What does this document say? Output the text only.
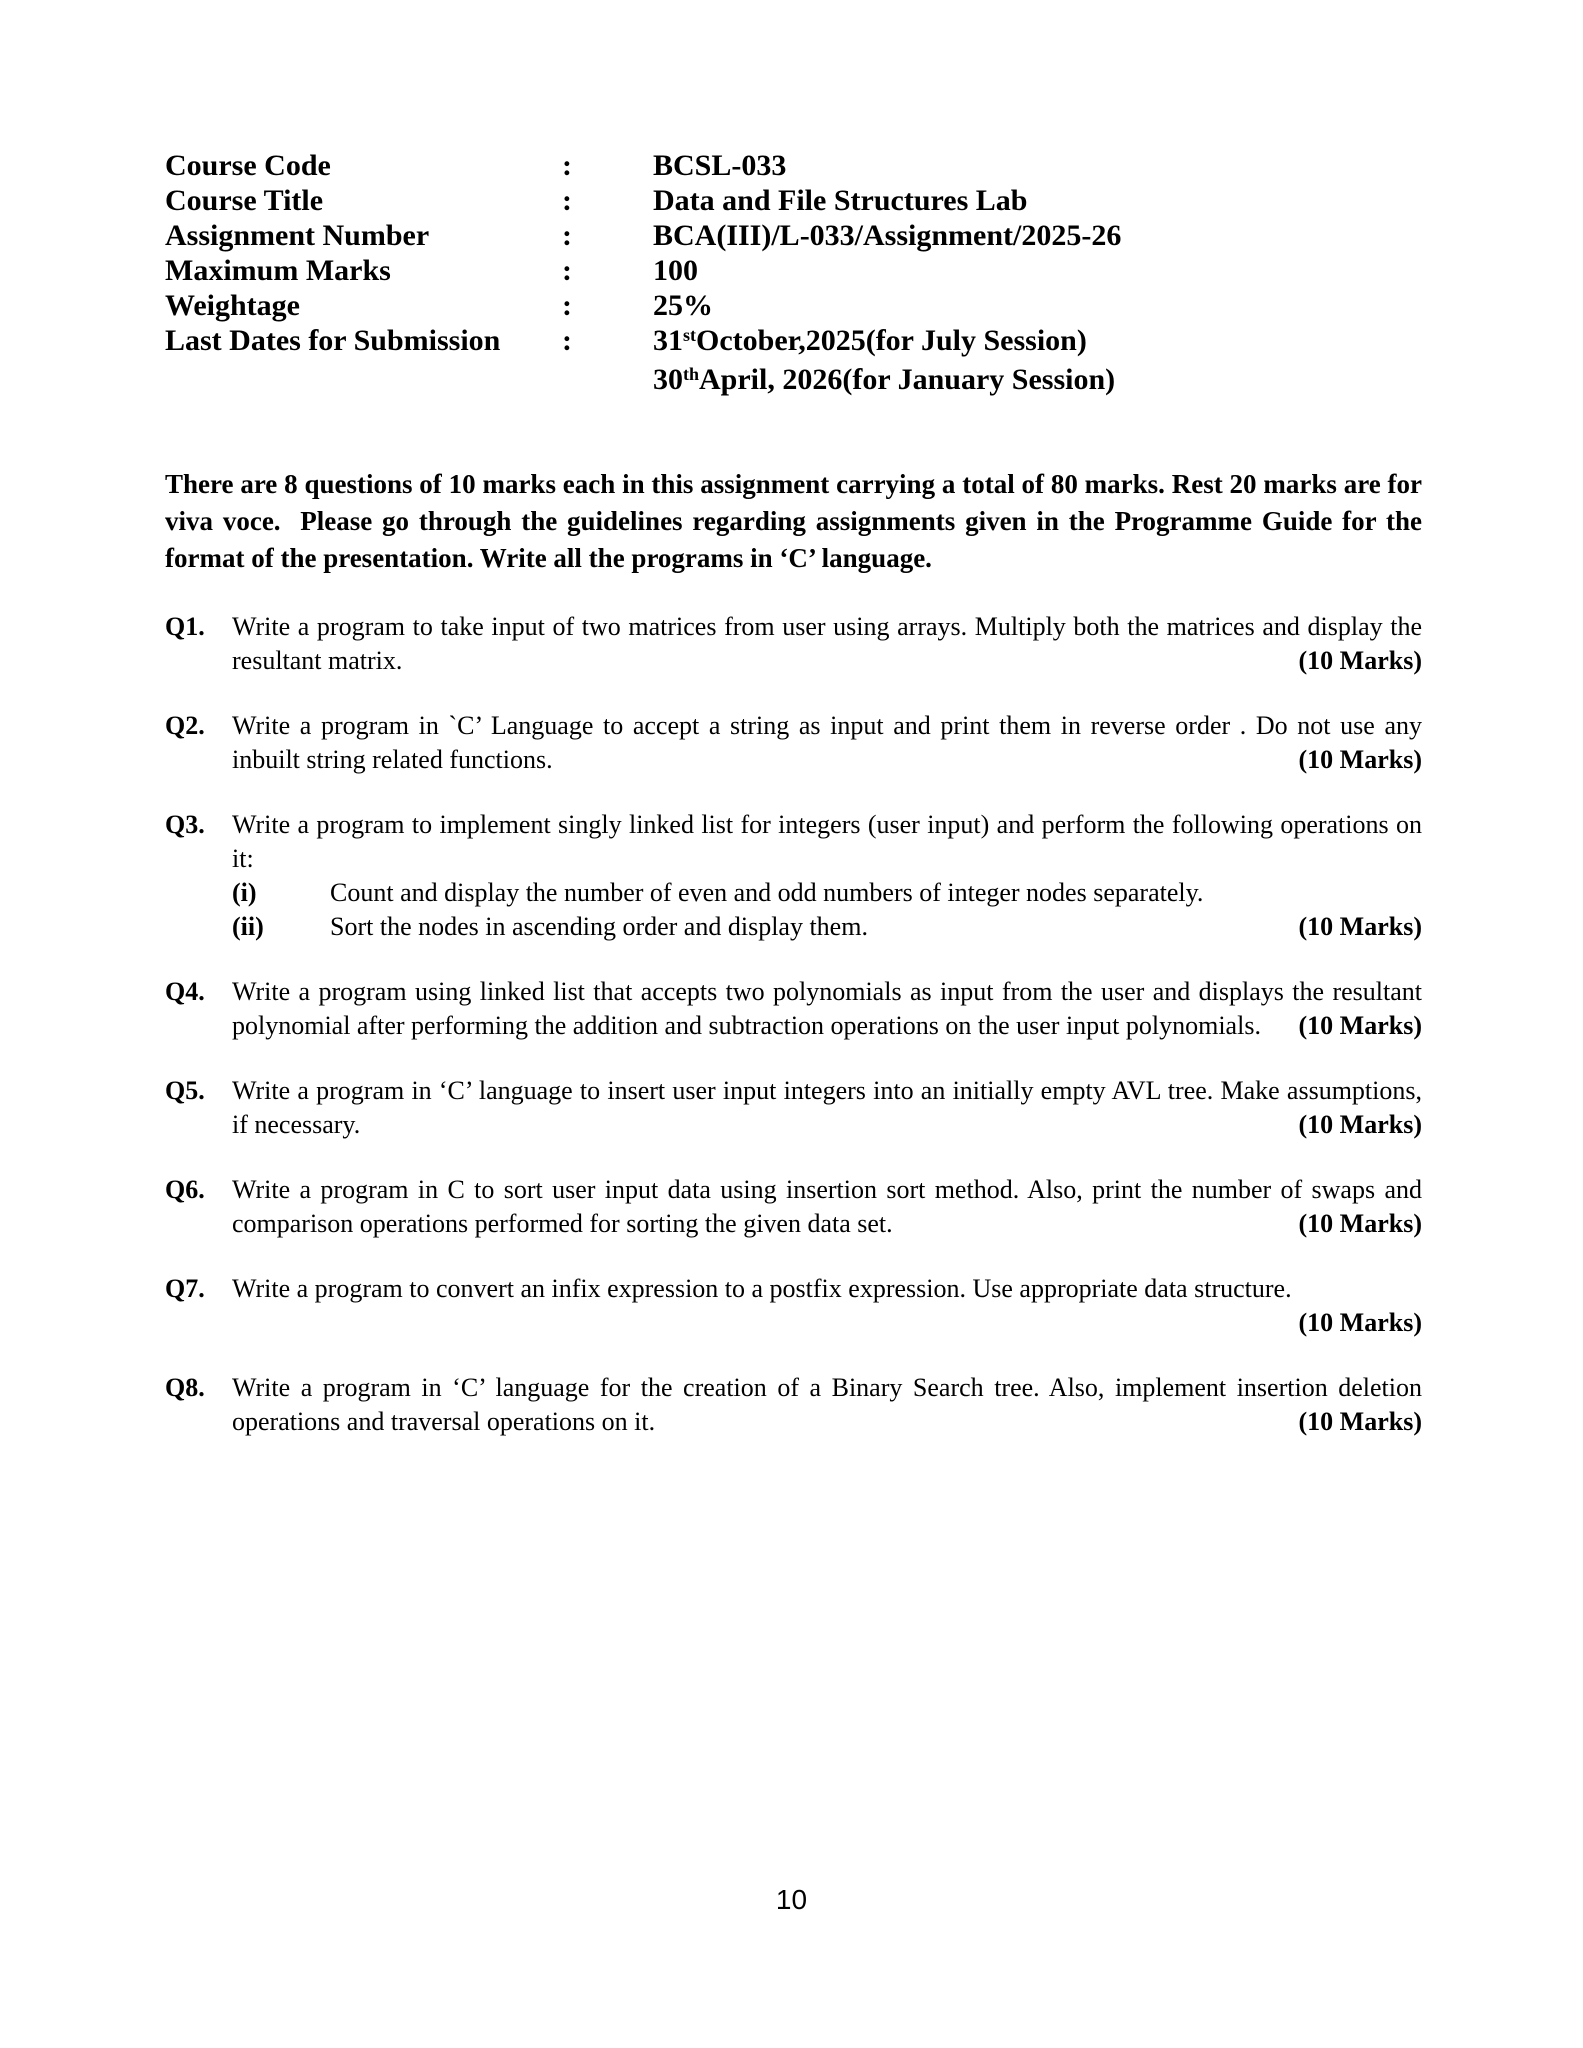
Course Code	:	BCSL-033
Course Title	:	Data and File Structures Lab
Assignment Number	:	BCA(III)/L-033/Assignment/2025-26
Maximum Marks	:	100
Weightage	:	25%
Last Dates for Submission	:	31stOctober,2025(for July Session)
30thApril, 2026(for January Session)
There are 8 questions of 10 marks each in this assignment carrying a total of 80 marks. Rest 20 marks are for viva voce.  Please go through the guidelines regarding assignments given in the Programme Guide for the format of the presentation. Write all the programs in ‘C’ language.
Q1.	Write a program to take input of two matrices from user using arrays. Multiply both the matrices and display the resultant matrix.	(10 Marks)
Q2.	Write a program in `C’ Language to accept a string as input and print them in reverse order . Do not use any inbuilt string related functions.	(10 Marks)
Q3.	Write a program to implement singly linked list for integers (user input) and perform the following operations on it:
(i)	Count and display the number of even and odd numbers of integer nodes separately.
(ii)	Sort the nodes in ascending order and display them.	(10 Marks)
Q4.	Write a program using linked list that accepts two polynomials as input from the user and displays the resultant polynomial after performing the addition and subtraction operations on the user input polynomials. (10 Marks)
Q5.	Write a program in ‘C’ language to insert user input integers into an initially empty AVL tree. Make assumptions, if necessary.	(10 Marks)
Q6.	Write a program in C to sort user input data using insertion sort method. Also, print the number of swaps and comparison operations performed for sorting the given data set.	(10 Marks)
Q7.	Write a program to convert an infix expression to a postfix expression. Use appropriate data structure.
(10 Marks)
Q8.	Write a program in ‘C’ language for the creation of a Binary Search tree. Also, implement insertion deletion operations and traversal operations on it.	(10 Marks)
10
